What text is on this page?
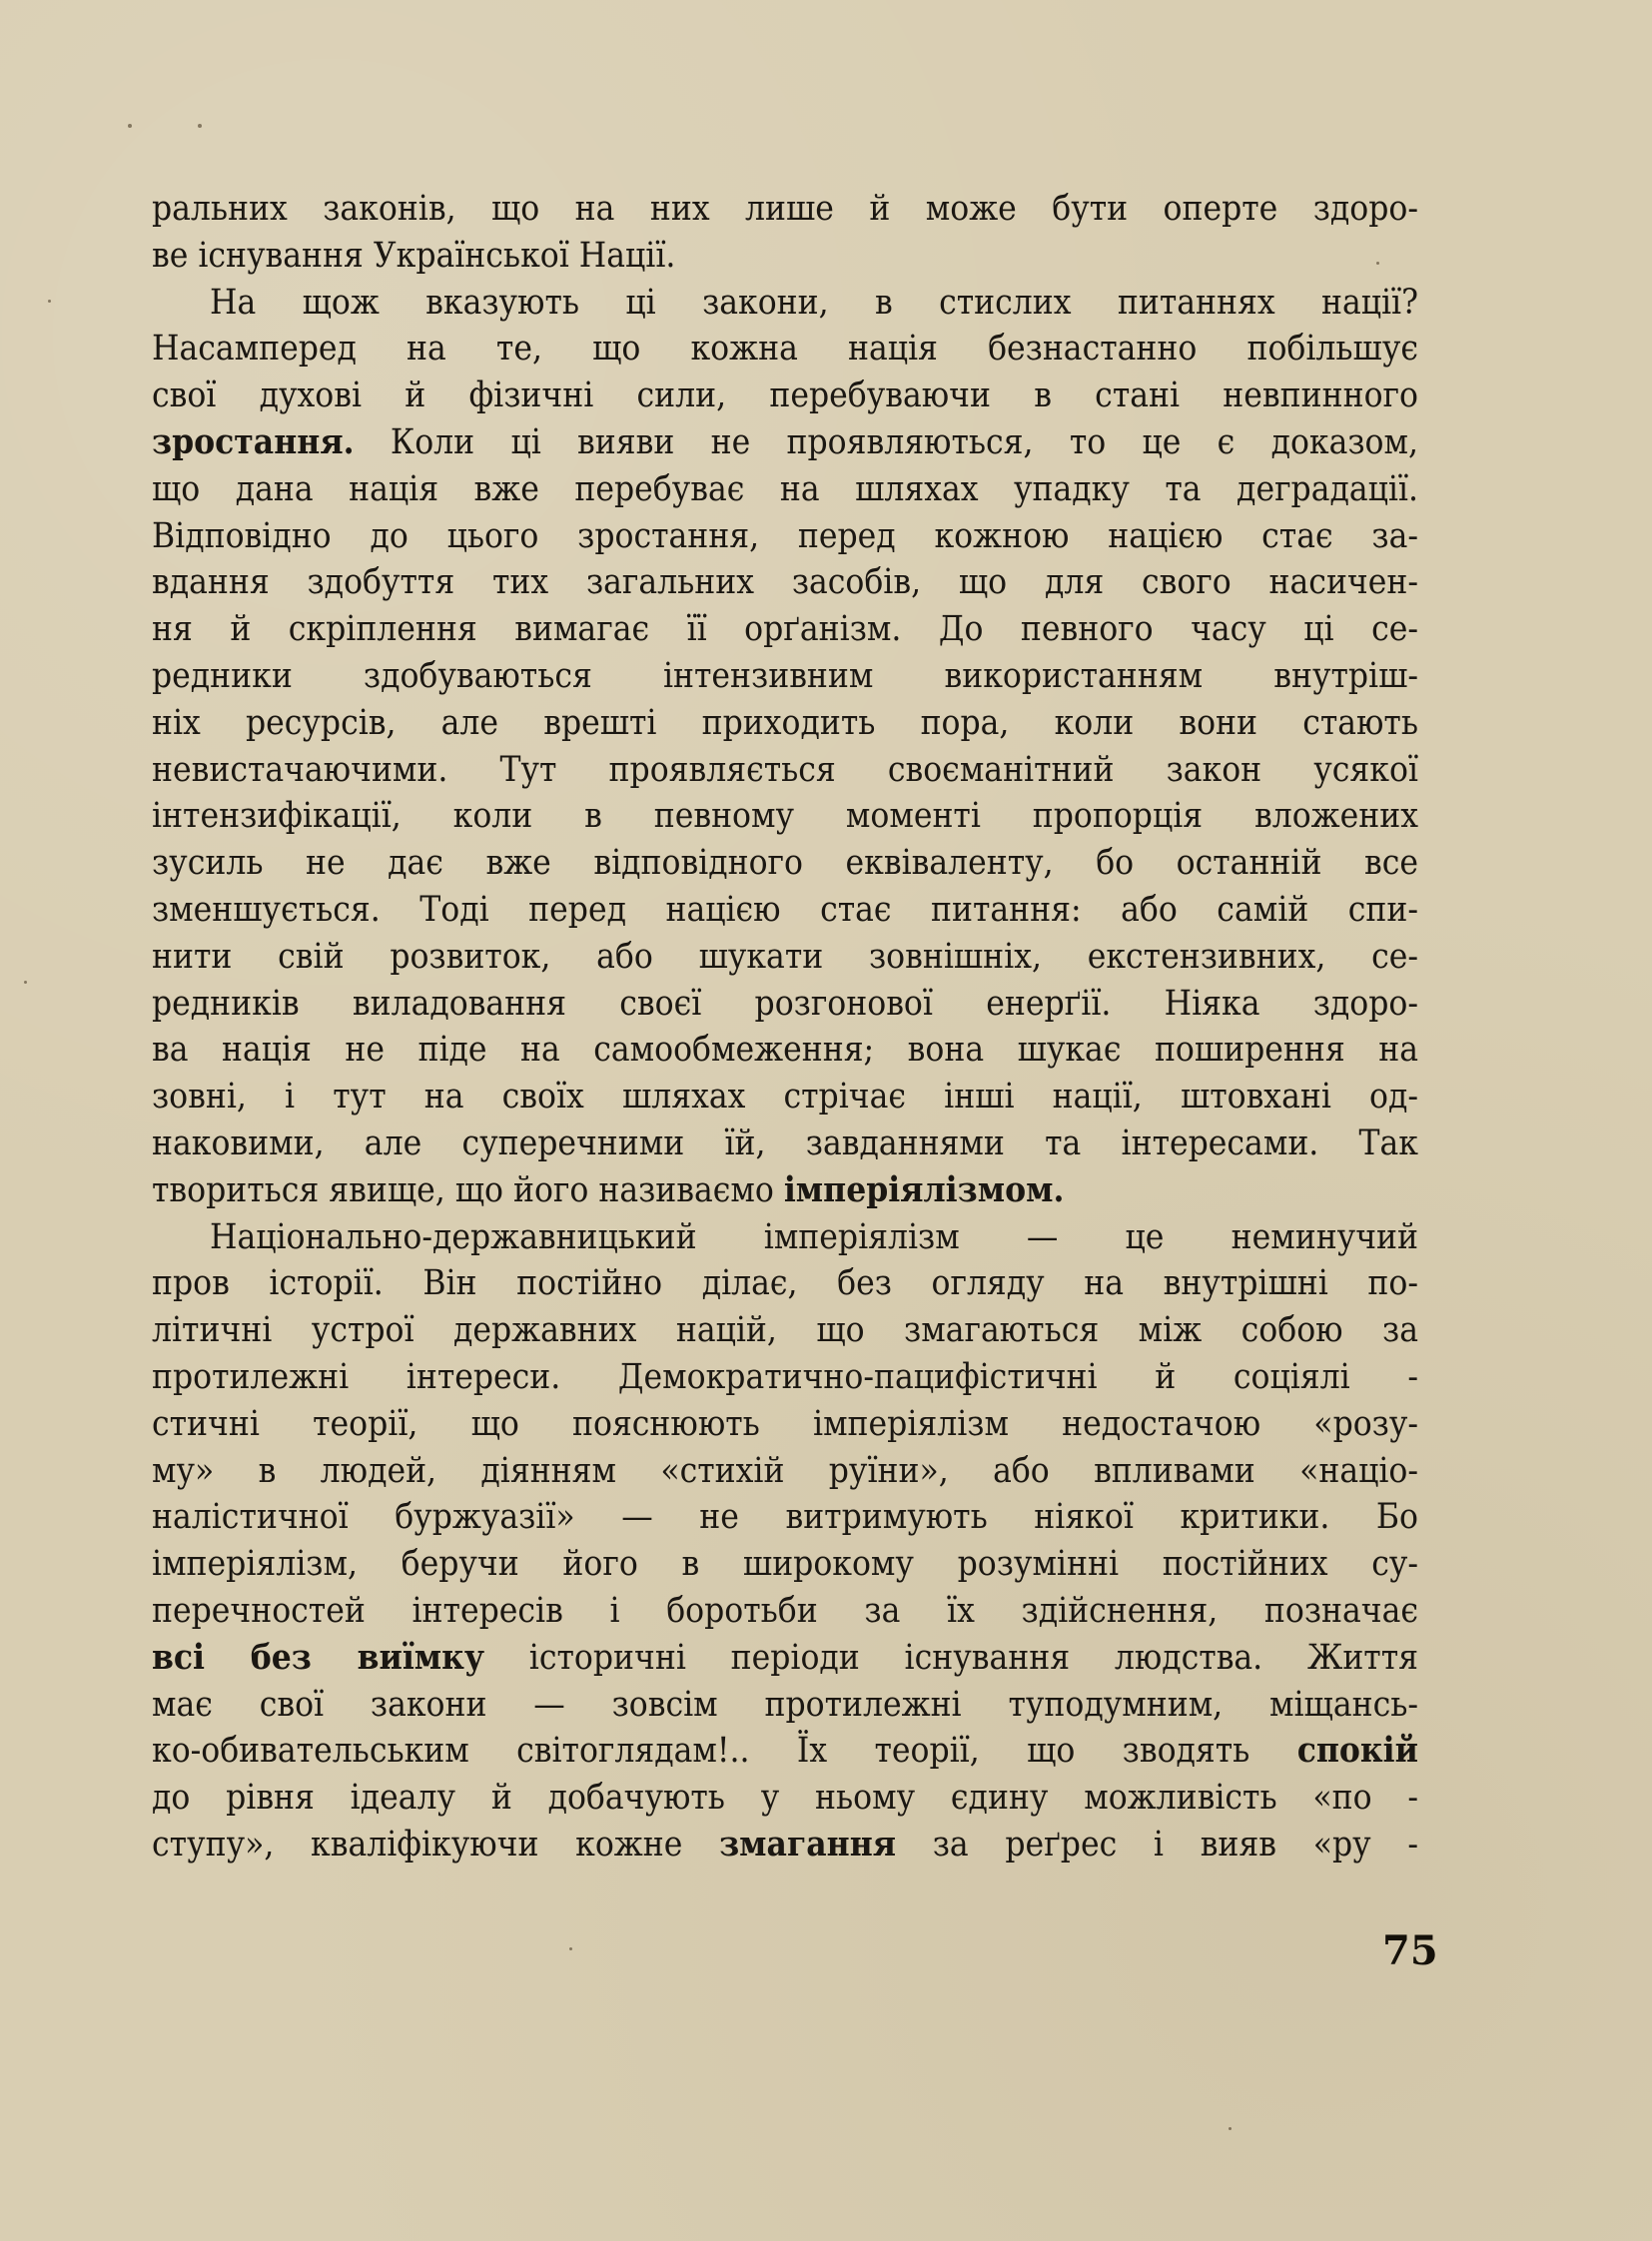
ральних законів, що на них лише й може бути оперте здоро-
ве існування Української Нації.
На щож вказують ці закони, в стислих питаннях нації?
Насамперед на те, що кожна нація безнастанно побільшує
свої духові й фізичні сили, перебуваючи в стані невпинного
зростання. Коли ці вияви не проявляються, то це є доказом,
що дана нація вже перебуває на шляхах упадку та деградації.
Відповідно до цього зростання, перед кожною нацією стає за-
вдання здобуття тих загальних засобів, що для свого насичен-
ня й скріплення вимагає її орґанізм. До певного часу ці се-
редники здобуваються інтензивним використанням внутріш-
ніх ресурсів, але врешті приходить пора, коли вони стають
невистачаючими. Тут проявляється своєманітний закон усякої
інтензифікації, коли в певному моменті пропорція вложених
зусиль не дає вже відповідного еквіваленту, бо останній все
зменшується. Тоді перед нацією стає питання: або самій спи-
нити свій розвиток, або шукати зовнішніх, екстензивних, се-
редників виладовання своєї розгонової енерґії. Ніяка здоро-
ва нація не піде на самообмеження; вона шукає поширення на
зовні, і тут на своїх шляхах стрічає інші нації, штовхані од-
наковими, але суперечними їй, завданнями та інтересами. Так
твориться явище, що його називаємо імперіялізмом.
Національно-державницький імперіялізм — це неминучий
пров історії. Він постійно ділає, без огляду на внутрішні по-
літичні устрої державних націй, що змагаються між собою за
протилежні інтереси. Демократично-пацифістичні й соціялі -
стичні теорії, що пояснюють імперіялізм недостачою «розу-
му» в людей, діянням «стихій руїни», або впливами «націо-
налістичної буржуазії» — не витримують ніякої критики. Бо
імперіялізм, беручи його в широкому розумінні постійних су-
перечностей інтересів і боротьби за їх здійснення, позначає
всі без виїмку історичні періоди існування людства. Життя
має свої закони — зовсім протилежні туподумним, міщансь-
ко-обивательським світоглядам!.. Їх теорії, що зводять спокій
до рівня ідеалу й добачують у ньому єдину можливість «по -
ступу», кваліфікуючи кожне змагання за реґрес і вияв «ру -
75
